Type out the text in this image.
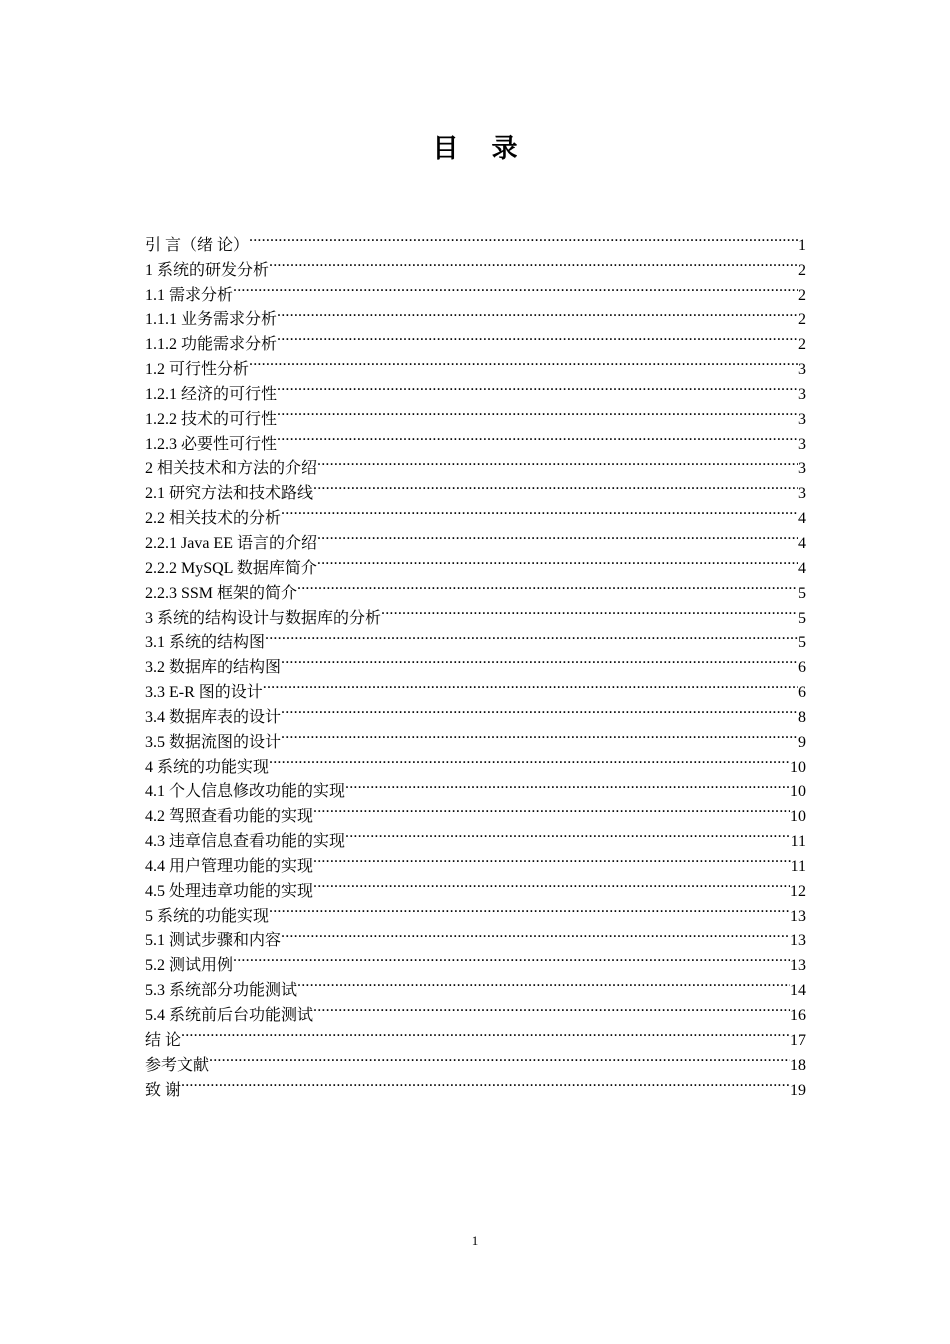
目 录
引 言（绪 论） .....	1
1 系统的研发分析 .....	2
1.1 需求分析 .....	2
1.1.1 业务需求分析 .....	2
1.1.2 功能需求分析 .....	2
1.2 可行性分析 .....	3
1.2.1 经济的可行性 .....	3
1.2.2 技术的可行性 .....	3
1.2.3 必要性可行性 .....	3
2 相关技术和方法的介绍 .....	3
2.1 研究方法和技术路线 .....	3
2.2 相关技术的分析 .....	4
2.2.1 Java EE 语言的介绍 .....	4
2.2.2 MySQL 数据库简介 .....	4
2.2.3 SSM 框架的简介 .....	5
3 系统的结构设计与数据库的分析 .....	5
3.1 系统的结构图 .....	5
3.2 数据库的结构图 .....	6
3.3 E-R 图的设计 .....	6
3.4 数据库表的设计 .....	8
3.5 数据流图的设计 .....	9
4 系统的功能实现 .....	10
4.1 个人信息修改功能的实现 .....	10
4.2 驾照查看功能的实现 .....	10
4.3 违章信息查看功能的实现 .....	11
4.4 用户管理功能的实现 .....	11
4.5 处理违章功能的实现 .....	12
5 系统的功能实现 .....	13
5.1 测试步骤和内容 .....	13
5.2 测试用例 .....	13
5.3 系统部分功能测试 .....	14
5.4 系统前后台功能测试 .....	16
结 论 .....	17
参考文献 .....	18
致 谢 .....	19
1
